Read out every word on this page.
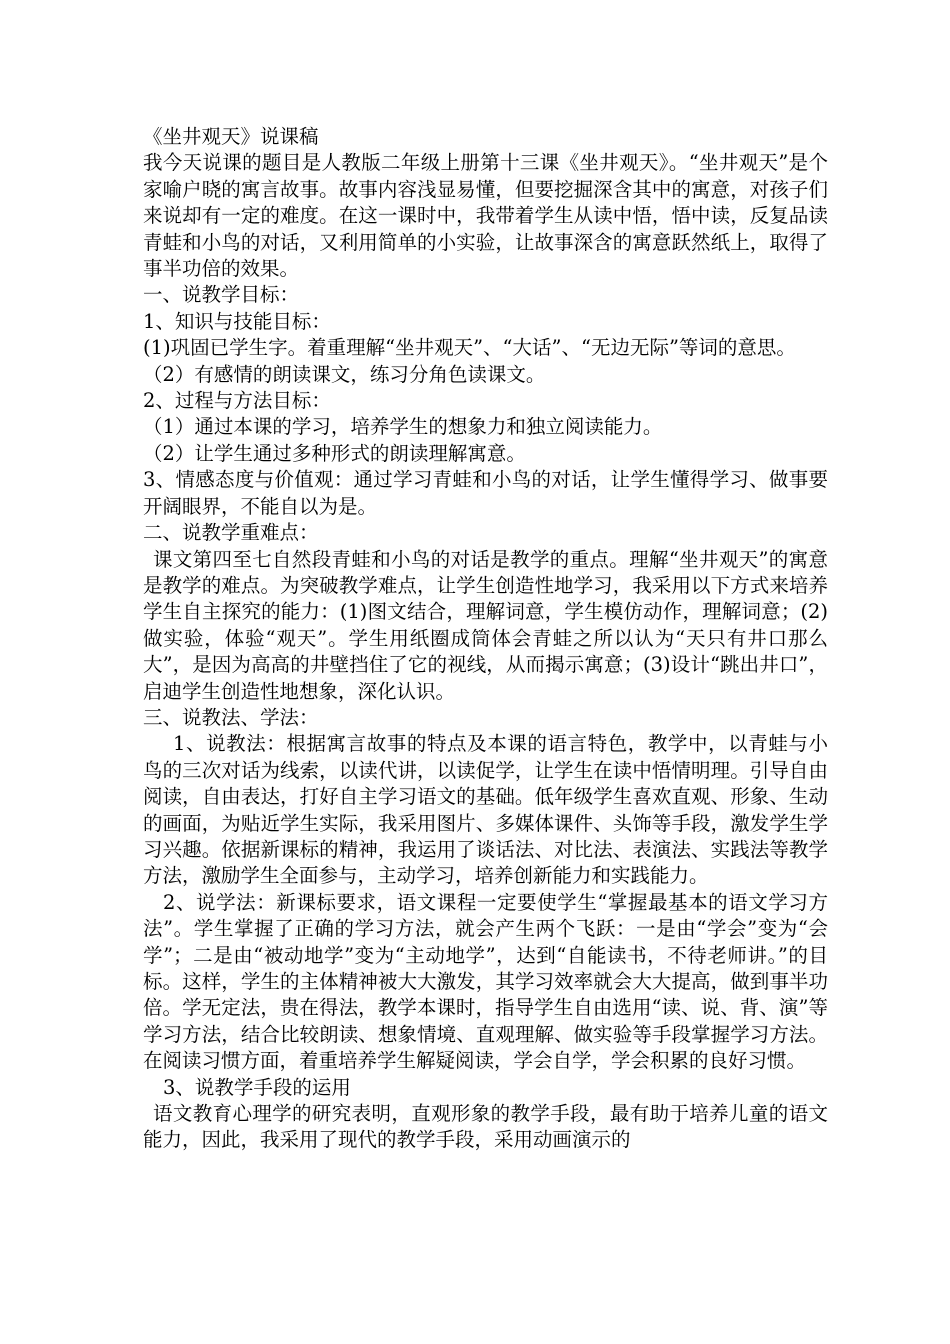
《坐井观天》说课稿

我今天说课的题目是人教版二年级上册第十三课《坐井观天》。“坐井观天”是个家喻户晓的寓言故事。故事内容浅显易懂，但要挖掘深含其中的寓意，对孩子们来说却有一定的难度。在这一课时中，我带着学生从读中悟，悟中读，反复品读青蛙和小鸟的对话，又利用简单的小实验，让故事深含的寓意跃然纸上，取得了事半功倍的效果。

一、说教学目标：

1、知识与技能目标：

(1)巩固已学生字。着重理解“坐井观天”、“大话”、“无边无际”等词的意思。

（2）有感情的朗读课文，练习分角色读课文。

2、过程与方法目标：

（1）通过本课的学习，培养学生的想象力和独立阅读能力。

（2）让学生通过多种形式的朗读理解寓意。

3、情感态度与价值观：通过学习青蛙和小鸟的对话，让学生懂得学习、做事要开阔眼界，不能自以为是。

二、说教学重难点：

课文第四至七自然段青蛙和小鸟的对话是教学的重点。理解“坐井观天”的寓意是教学的难点。为突破教学难点，让学生创造性地学习，我采用以下方式来培养学生自主探究的能力：(1)图文结合，理解词意，学生模仿动作，理解词意；(2)做实验，体验“观天”。学生用纸圈成筒体会青蛙之所以认为“天只有井口那么大”，是因为高高的井壁挡住了它的视线，从而揭示寓意；(3)设计“跳出井口”，启迪学生创造性地想象，深化认识。

三、说教法、学法：

1、说教法：根据寓言故事的特点及本课的语言特色，教学中，以青蛙与小鸟的三次对话为线索，以读代讲，以读促学，让学生在读中悟情明理。引导自由阅读，自由表达，打好自主学习语文的基础。低年级学生喜欢直观、形象、生动的画面，为贴近学生实际，我采用图片、多媒体课件、头饰等手段，激发学生学习兴趣。依据新课标的精神，我运用了谈话法、对比法、表演法、实践法等教学方法，激励学生全面参与，主动学习，培养创新能力和实践能力。

2、说学法：新课标要求，语文课程一定要使学生“掌握最基本的语文学习方法”。学生掌握了正确的学习方法，就会产生两个飞跃：一是由“学会”变为“会学”；二是由“被动地学”变为“主动地学”，达到“自能读书，不待老师讲。”的目标。这样，学生的主体精神被大大激发，其学习效率就会大大提高，做到事半功倍。学无定法，贵在得法，教学本课时，指导学生自由选用“读、说、背、演”等学习方法，结合比较朗读、想象情境、直观理解、做实验等手段掌握学习方法。在阅读习惯方面，着重培养学生解疑阅读，学会自学，学会积累的良好习惯。

3、说教学手段的运用

语文教育心理学的研究表明，直观形象的教学手段，最有助于培养儿童的语文能力，因此，我采用了现代的教学手段，采用动画演示的
